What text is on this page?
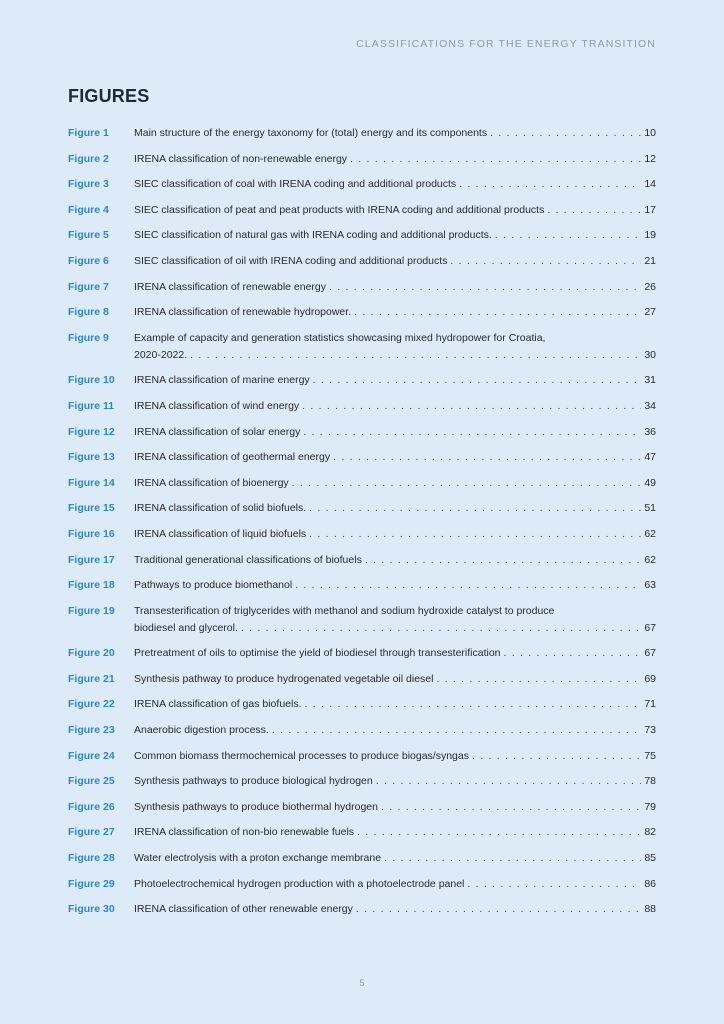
CLASSIFICATIONS FOR THE ENERGY TRANSITION
FIGURES
Figure 1	Main structure of the energy taxonomy for (total) energy and its components . . .	10
Figure 2	IRENA classification of non-renewable energy . . .	12
Figure 3	SIEC classification of coal with IRENA coding and additional products . . .	14
Figure 4	SIEC classification of peat and peat products with IRENA coding and additional products . . .	17
Figure 5	SIEC classification of natural gas with IRENA coding and additional products. . . .	19
Figure 6	SIEC classification of oil with IRENA coding and additional products . . .	21
Figure 7	IRENA classification of renewable energy . . .	26
Figure 8	IRENA classification of renewable hydropower. . . .	27
Figure 9	Example of capacity and generation statistics showcasing mixed hydropower for Croatia,
2020-2022. . . .	30
Figure 10	IRENA classification of marine energy . . .	31
Figure 11	IRENA classification of wind energy . . .	34
Figure 12	IRENA classification of solar energy . . .	36
Figure 13	IRENA classification of geothermal energy . . .	47
Figure 14	IRENA classification of bioenergy . . .	49
Figure 15	IRENA classification of solid biofuels. . . .	51
Figure 16	IRENA classification of liquid biofuels . . .	62
Figure 17	Traditional generational classifications of biofuels . . .	62
Figure 18	Pathways to produce biomethanol . . .	63
Figure 19	Transesterification of triglycerides with methanol and sodium hydroxide catalyst to produce
biodiesel and glycerol. . . .	67
Figure 20	Pretreatment of oils to optimise the yield of biodiesel through transesterification . . .	67
Figure 21	Synthesis pathway to produce hydrogenated vegetable oil diesel . . .	69
Figure 22	IRENA classification of gas biofuels. . . .	71
Figure 23	Anaerobic digestion process. . . .	73
Figure 24	Common biomass thermochemical processes to produce biogas/syngas . . .	75
Figure 25	Synthesis pathways to produce biological hydrogen . . .	78
Figure 26	Synthesis pathways to produce biothermal hydrogen . . .	79
Figure 27	IRENA classification of non-bio renewable fuels . . .	82
Figure 28	Water electrolysis with a proton exchange membrane . . .	85
Figure 29	Photoelectrochemical hydrogen production with a photoelectrode panel . . .	86
Figure 30	IRENA classification of other renewable energy . . .	88
5
